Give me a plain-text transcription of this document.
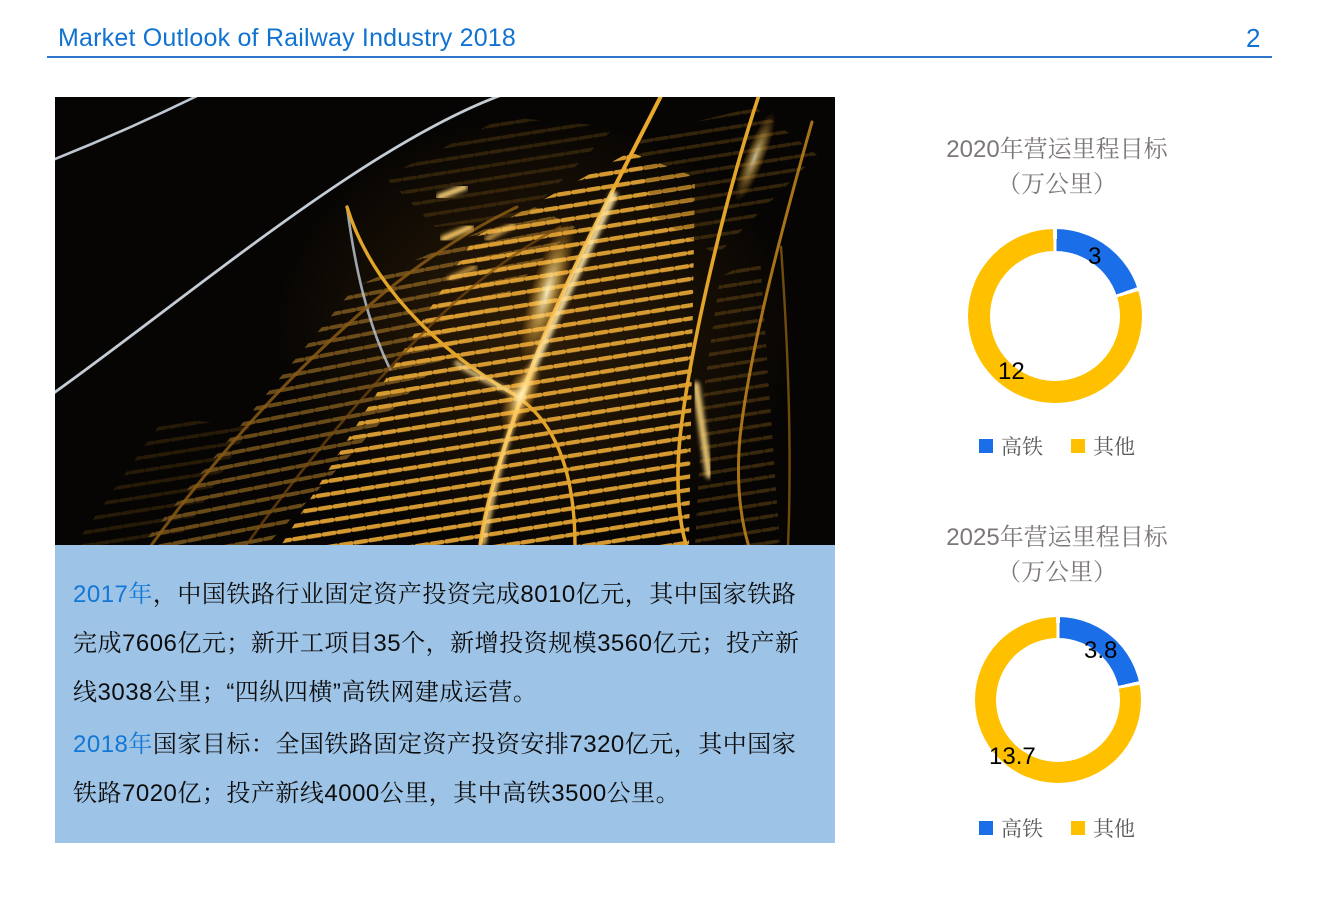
Market Outlook of Railway Industry 2018	2

2017年，中国铁路行业固定资产投资完成8010亿元，其中国家铁路完成7606亿元；新开工项目35个，新增投资规模3560亿元；投产新线3038公里；“四纵四横”高铁网建成运营。

2018年国家目标：全国铁路固定资产投资安排7320亿元，其中国家铁路7020亿；投产新线4000公里，其中高铁3500公里。

2020年营运里程目标
（万公里）
3
12
高铁 其他
2025年营运里程目标
（万公里）
3.8
13.7
高铁 其他
